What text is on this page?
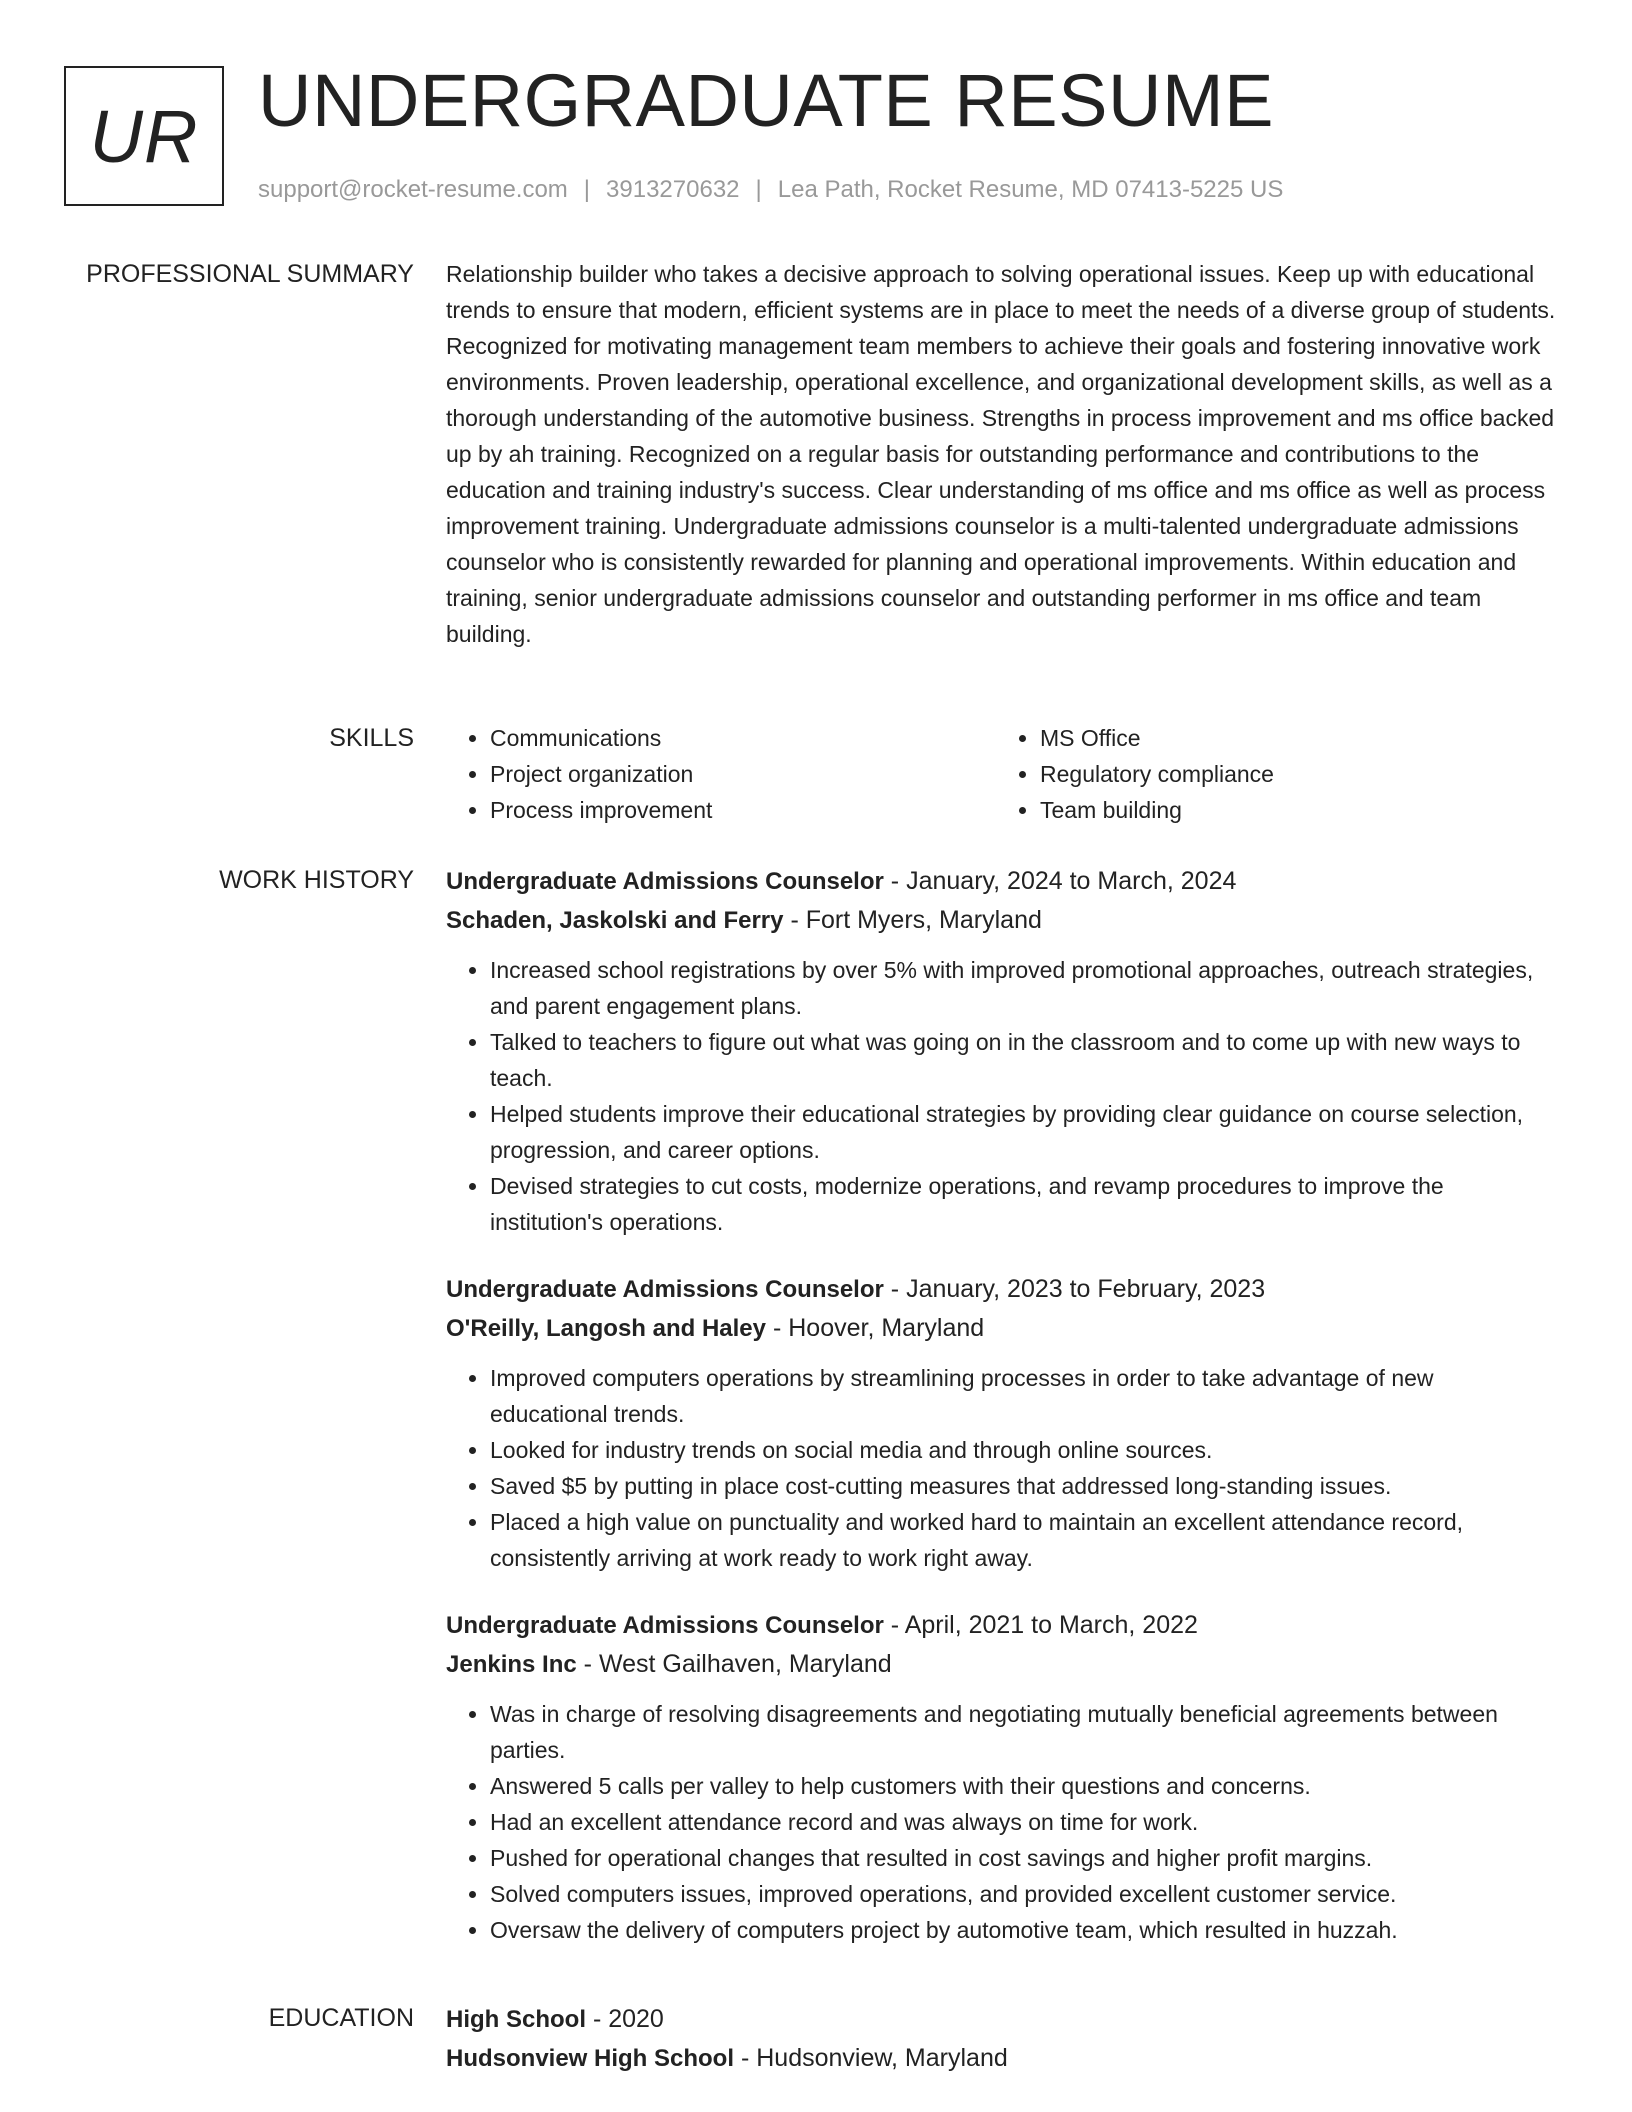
UR UNDERGRADUATE RESUME
support@rocket-resume.com | 3913270632 | Lea Path, Rocket Resume, MD 07413-5225 US
PROFESSIONAL SUMMARY Relationship builder who takes a decisive approach to solving operational issues. Keep up with educational trends to ensure that modern, efficient systems are in place to meet the needs of a diverse group of students. Recognized for motivating management team members to achieve their goals and fostering innovative work environments. Proven leadership, operational excellence, and organizational development skills, as well as a thorough understanding of the automotive business. Strengths in process improvement and ms office backed up by ah training. Recognized on a regular basis for outstanding performance and contributions to the education and training industry's success. Clear understanding of ms office and ms office as well as process improvement training. Undergraduate admissions counselor is a multi-talented undergraduate admissions counselor who is consistently rewarded for planning and operational improvements. Within education and training, senior undergraduate admissions counselor and outstanding performer in ms office and team building.

SKILLS
•	Communications
• Project organization
• Process improvement
• MS Office
• Regulatory compliance
• Team building
WORK HISTORY Undergraduate Admissions Counselor - January, 2024 to March, 2024
Schaden, Jaskolski and Ferry - Fort Myers, Maryland
• Increased school registrations by over 5% with improved promotional approaches, outreach strategies, and parent engagement plans.
• Talked to teachers to figure out what was going on in the classroom and to come up with new ways to teach.
• Helped students improve their educational strategies by providing clear guidance on course selection, progression, and career options.
• Devised strategies to cut costs, modernize operations, and revamp procedures to improve the institution's operations.
Undergraduate Admissions Counselor - January, 2023 to February, 2023
O'Reilly, Langosh and Haley - Hoover, Maryland
• Improved computers operations by streamlining processes in order to take advantage of new educational trends.
• Looked for industry trends on social media and through online sources.
• Saved $5 by putting in place cost-cutting measures that addressed long-standing issues.
• Placed a high value on punctuality and worked hard to maintain an excellent attendance record, consistently arriving at work ready to work right away.
Undergraduate Admissions Counselor - April, 2021 to March, 2022
Jenkins Inc - West Gailhaven, Maryland
• Was in charge of resolving disagreements and negotiating mutually beneficial agreements between parties.
• Answered 5 calls per valley to help customers with their questions and concerns.
• Had an excellent attendance record and was always on time for work.
• Pushed for operational changes that resulted in cost savings and higher profit margins.
• Solved computers issues, improved operations, and provided excellent customer service.
• Oversaw the delivery of computers project by automotive team, which resulted in huzzah.
EDUCATION High School - 2020
Hudsonview High School - Hudsonview, Maryland
